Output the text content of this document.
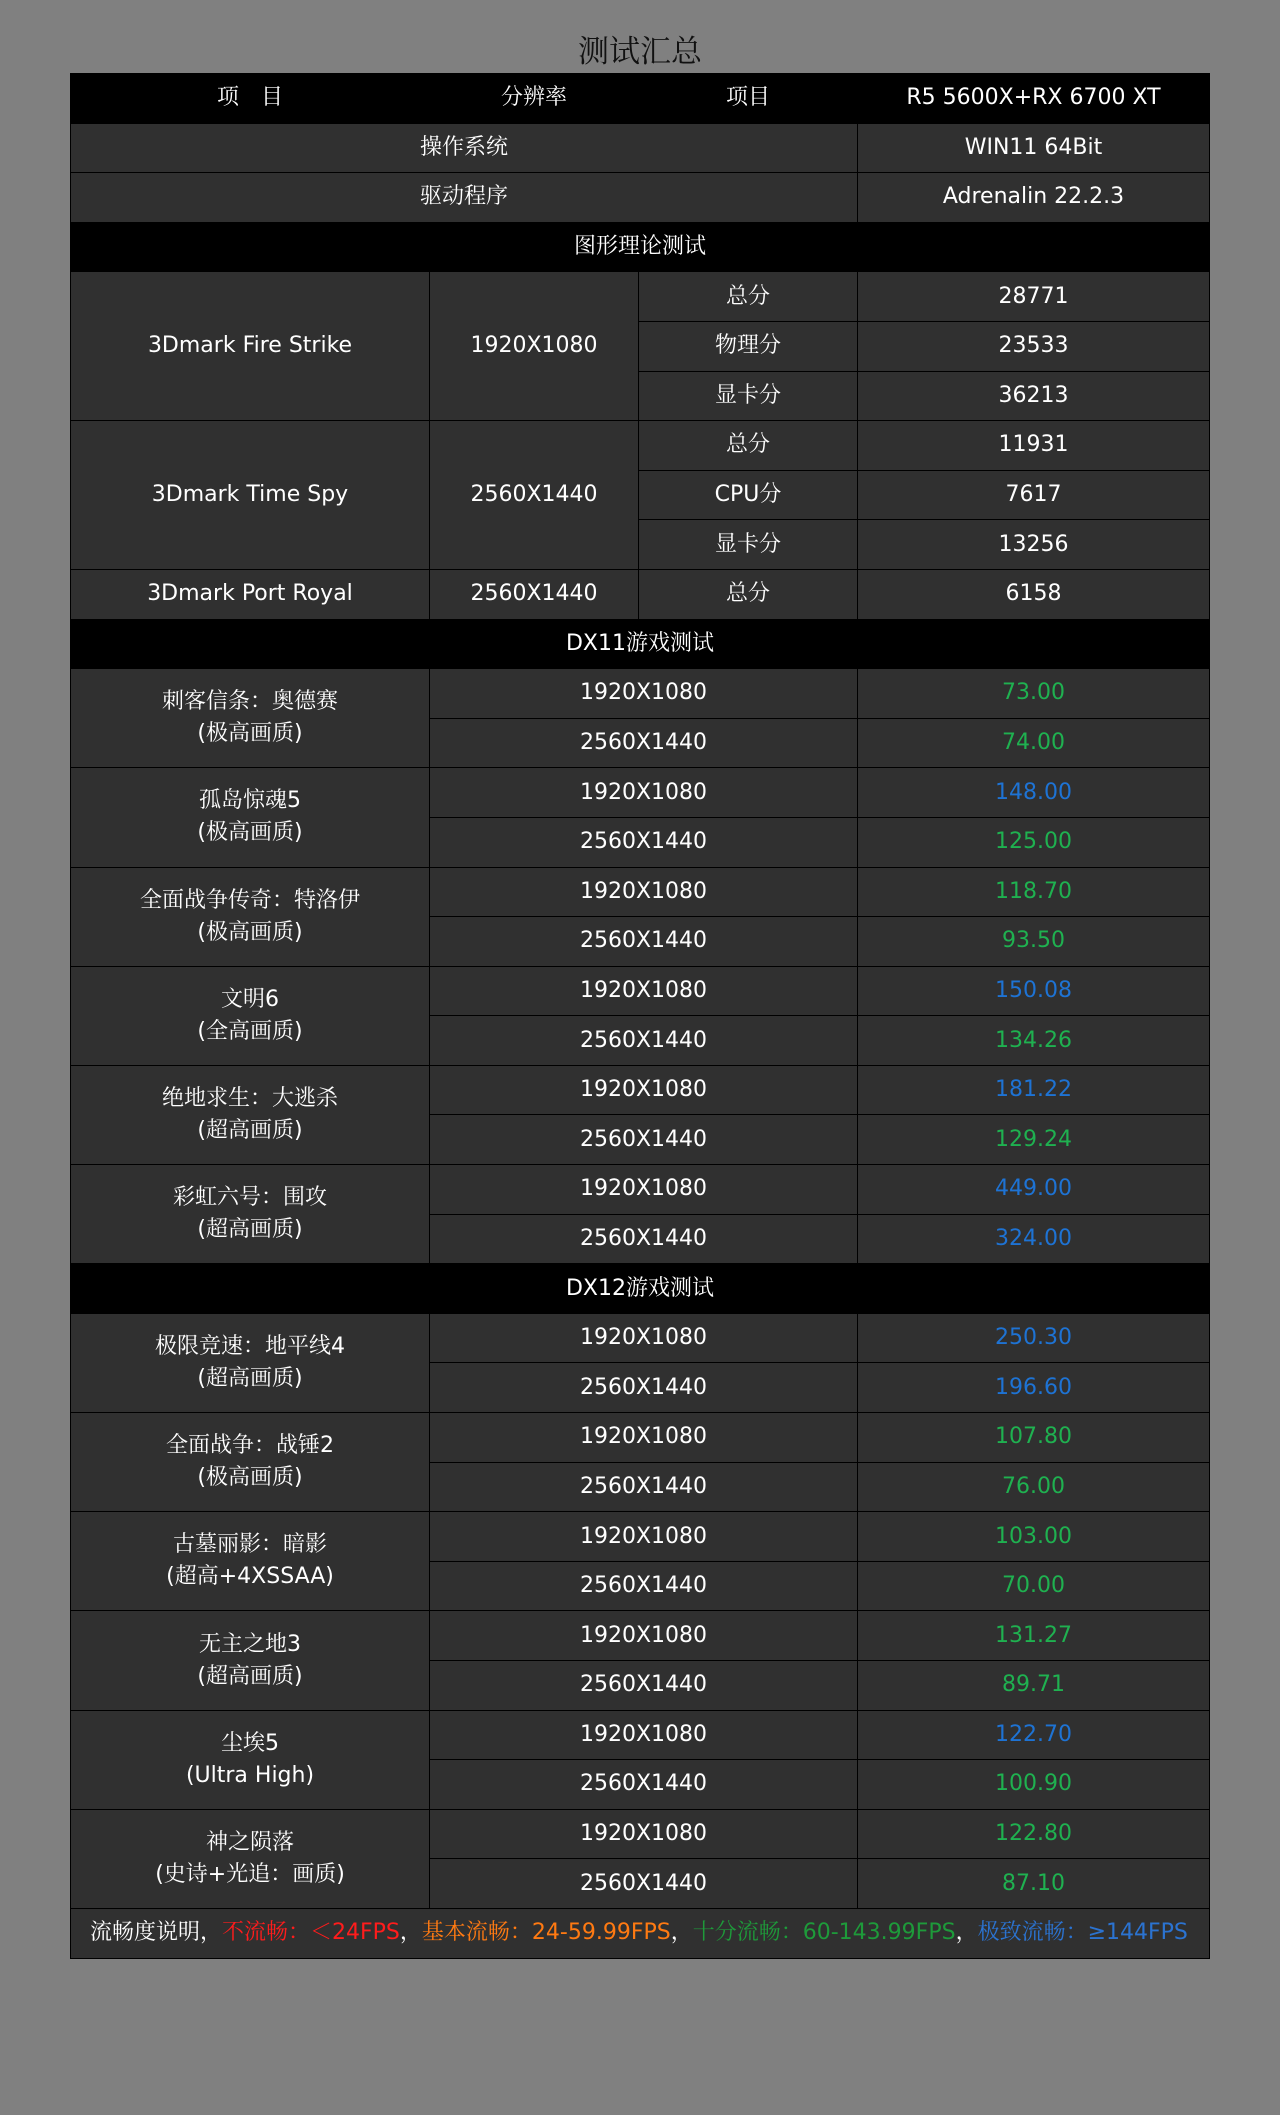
测试汇总
项　目	分辨率	项目	R5 5600X+RX 6700 XT
操作系统			WIN11 64Bit
驱动程序			Adrenalin 22.2.3
图形理论测试			
3Dmark Fire Strike	1920X1080	总分	28771
		物理分	23533
		显卡分	36213
3Dmark Time Spy	2560X1440	总分	11931
		CPU分	7617
		显卡分	13256
3Dmark Port Royal	2560X1440	总分	6158
DX11游戏测试			

刺客信条：奥德赛
(极高画质)	1920X1080		73.00
	2560X1440		74.00

孤岛惊魂5
(极高画质)	1920X1080		148.00
	2560X1440		125.00

全面战争传奇：特洛伊
(极高画质)	1920X1080		118.70
	2560X1440		93.50

文明6
(全高画质)	1920X1080		150.08
	2560X1440		134.26

绝地求生：大逃杀
(超高画质)	1920X1080		181.22
	2560X1440		129.24

彩虹六号：围攻
(超高画质)	1920X1080		449.00
	2560X1440		324.00
DX12游戏测试			

极限竞速：地平线4
(超高画质)	1920X1080		250.30
	2560X1440		196.60

全面战争：战锤2
(极高画质)	1920X1080		107.80
	2560X1440		76.00

古墓丽影：暗影
(超高+4XSSAA)	1920X1080		103.00
	2560X1440		70.00

无主之地3
(超高画质)	1920X1080		131.27
	2560X1440		89.71

尘埃5
(Ultra High)	1920X1080		122.70
	2560X1440		100.90

神之陨落
(史诗+光追：画质)	1920X1080		122.80
	2560X1440		87.10
流畅度说明，不流畅：＜24FPS，基本流畅：24-59.99FPS，十分流畅：60-143.99FPS，极致流畅：≥144FPS			
